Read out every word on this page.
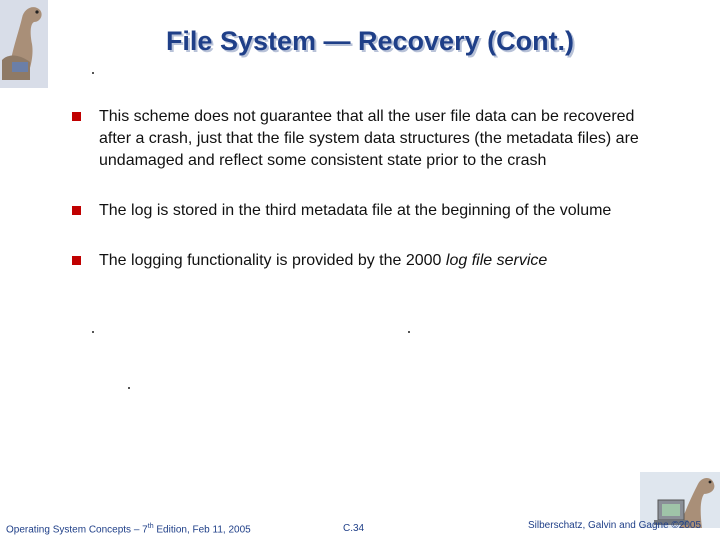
File System — Recovery (Cont.)
This scheme does not guarantee that all the user file data can be recovered after a crash, just that the file system data structures (the metadata files) are undamaged and reflect some consistent state prior to the crash
The log is stored in the third metadata file at the beginning of the volume
The logging functionality is provided by the 2000 log file service
Operating System Concepts – 7th Edition, Feb 11, 2005	C.34	Silberschatz, Galvin and Gagne ©2005
